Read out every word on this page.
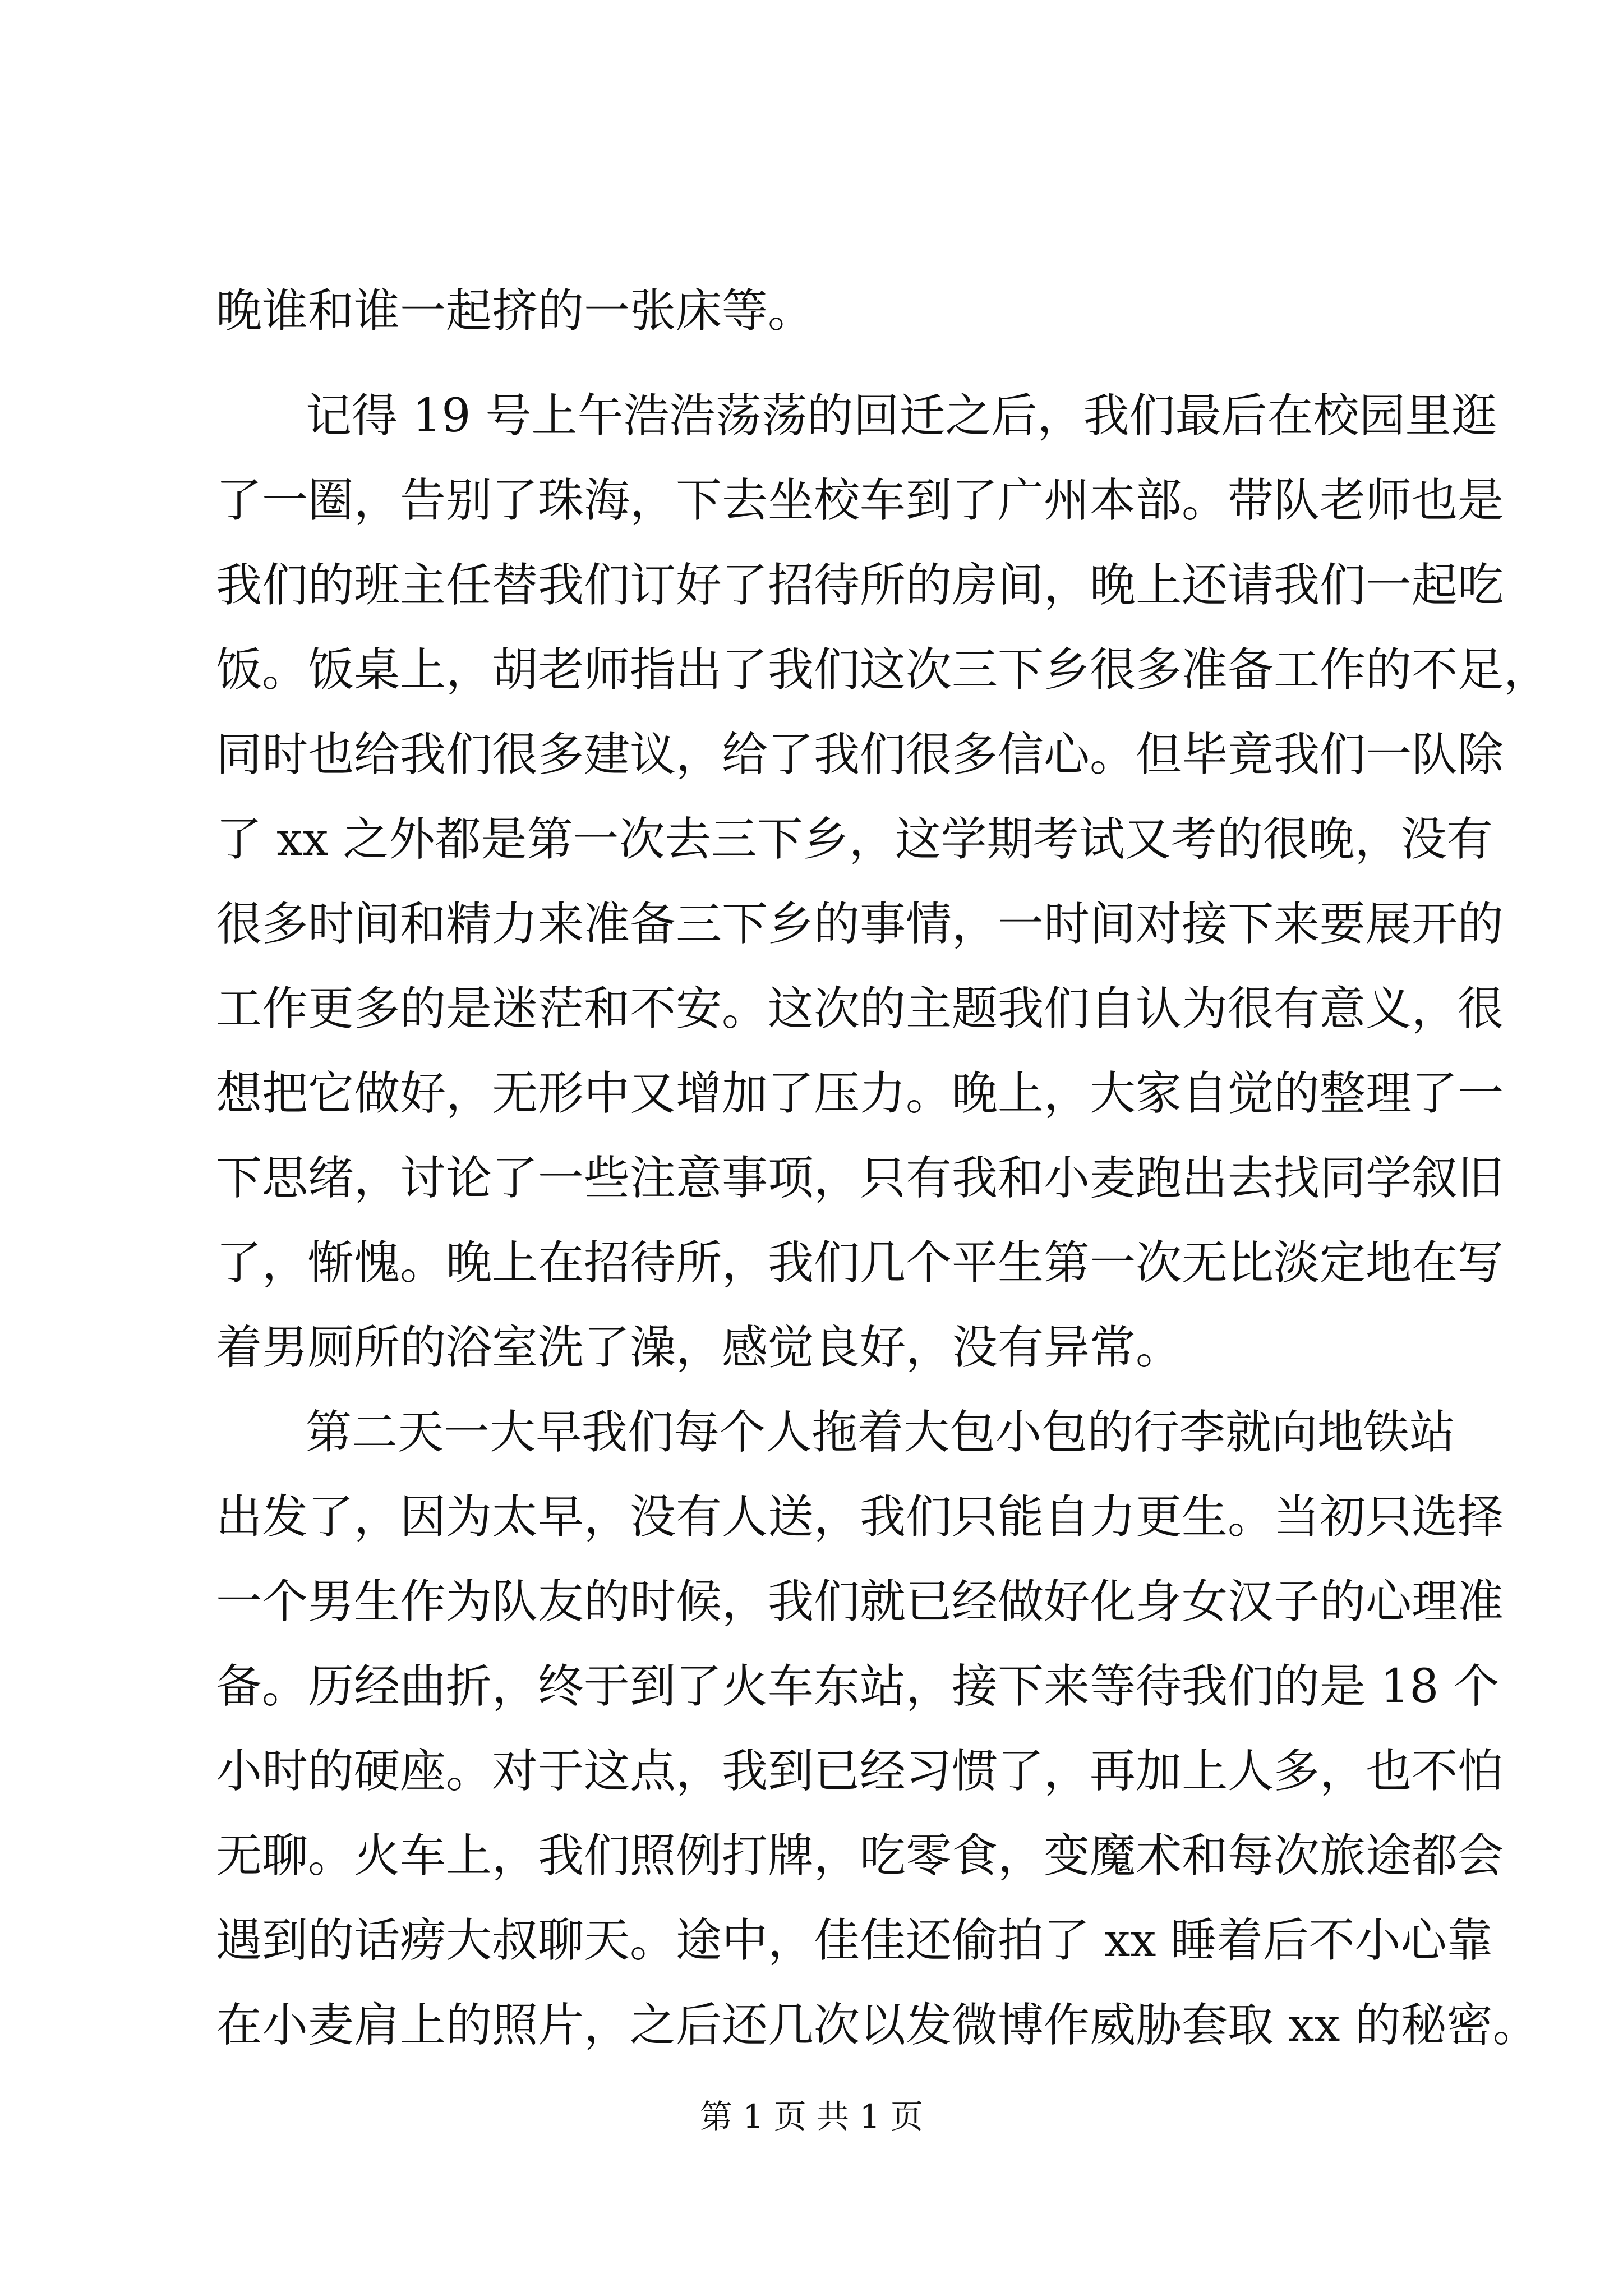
晚谁和谁一起挤的一张床等。
记得 19 号上午浩浩荡荡的回迁之后，我们最后在校园里逛
了一圈，告别了珠海，下去坐校车到了广州本部。带队老师也是
我们的班主任替我们订好了招待所的房间，晚上还请我们一起吃
饭。饭桌上，胡老师指出了我们这次三下乡很多准备工作的不足，
同时也给我们很多建议，给了我们很多信心。但毕竟我们一队除
了 xx 之外都是第一次去三下乡，这学期考试又考的很晚，没有
很多时间和精力来准备三下乡的事情，一时间对接下来要展开的
工作更多的是迷茫和不安。这次的主题我们自认为很有意义，很
想把它做好，无形中又增加了压力。晚上，大家自觉的整理了一
下思绪，讨论了一些注意事项，只有我和小麦跑出去找同学叙旧
了，惭愧。晚上在招待所，我们几个平生第一次无比淡定地在写
着男厕所的浴室洗了澡，感觉良好，没有异常。
第二天一大早我们每个人拖着大包小包的行李就向地铁站
出发了，因为太早，没有人送，我们只能自力更生。当初只选择
一个男生作为队友的时候，我们就已经做好化身女汉子的心理准
备。历经曲折，终于到了火车东站，接下来等待我们的是 18 个
小时的硬座。对于这点，我到已经习惯了，再加上人多，也不怕
无聊。火车上，我们照例打牌，吃零食，变魔术和每次旅途都会
遇到的话痨大叔聊天。途中，佳佳还偷拍了 xx 睡着后不小心靠
在小麦肩上的照片，之后还几次以发微博作威胁套取 xx 的秘密。
第 1 页 共 1 页
